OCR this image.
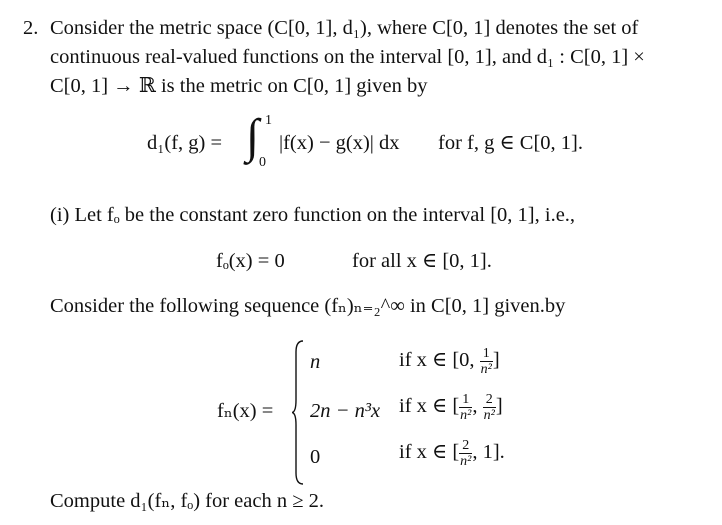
2. Consider the metric space (C[0, 1], d₁), where C[0, 1] denotes the set of
continuous real-valued functions on the interval [0, 1], and d₁ : C[0, 1] ×
C[0, 1] → ℝ is the metric on C[0, 1] given by
d₁(f, g) = ∫ 1
0
|f(x) − g(x)| dx for f, g ∈ C[0, 1].
(i) Let fₒ be the constant zero function on the interval [0, 1], i.e.,
fₒ(x) = 0	for all x ∈ [0, 1].
Consider the following sequence (fₙ)ₙ₌₂^∞ in C[0, 1] given.by
fₙ(x) =
n	if x ∈ [0, $\frac{1}{\text{n²}}$ ]
2n − n³x if x ∈ [ $\frac{1}{\text{n²}}$ , $\frac{2}{\text{n²}}$ ]
0	if x ∈ [ $\frac{2}{\text{n²}}$ , 1].
Compute d₁(fₙ, fₒ) for each n ≥ 2.
